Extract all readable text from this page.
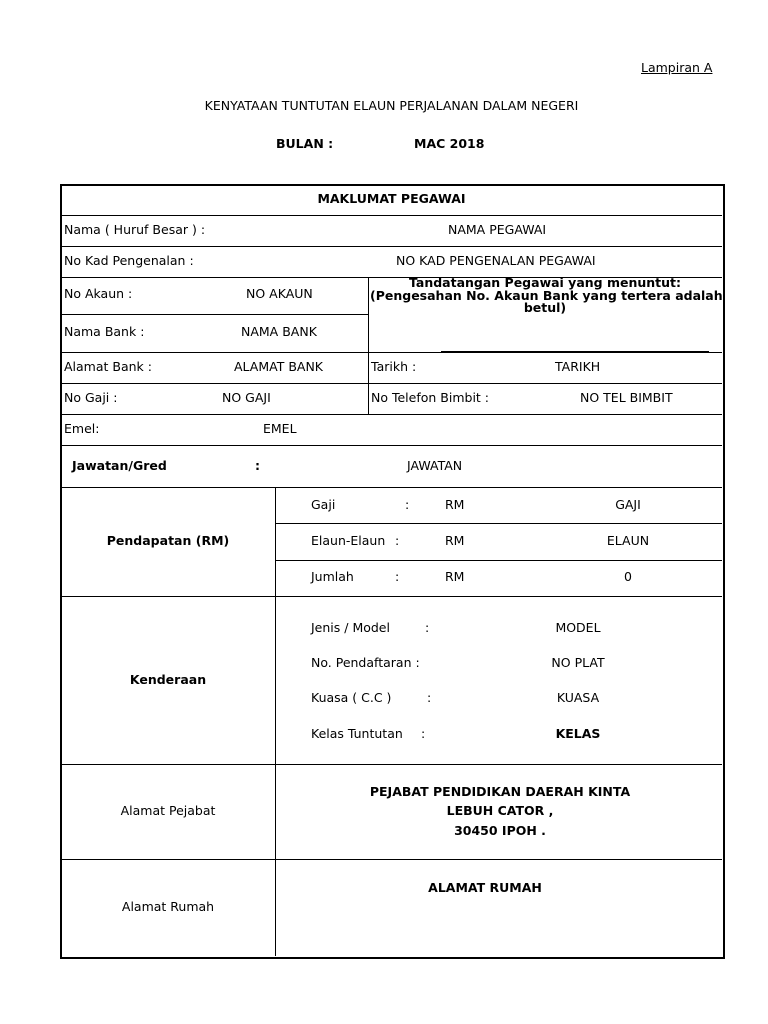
Lampiran A
KENYATAAN TUNTUTAN ELAUN PERJALANAN DALAM NEGERI
BULAN :	MAC 2018
MAKLUMAT PEGAWAI
Nama ( Huruf Besar ) :	NAMA PEGAWAI
No Kad Pengenalan :	NO KAD PENGENALAN PEGAWAI
No Akaun :	NO AKAUN
Nama Bank :	NAMA BANK
Alamat Bank :	ALAMAT BANK
Tandatangan Pegawai yang menuntut:
(Pengesahan No. Akaun Bank yang tertera adalah
betul)
Tarikh :	TARIKH
No Gaji :	NO GAJI	No Telefon Bimbit :	NO TEL BIMBIT
Emel:	EMEL
Jawatan/Gred	:	JAWATAN
Pendapatan (RM)
Gaji	:	RM	GAJI
Elaun-Elaun :	RM	ELAUN
Jumlah	:	RM	0
Kenderaan
Jenis / Model	:	MODEL
No. Pendaftaran :	NO PLAT
Kuasa ( C.C )	:	KUASA
Kelas Tuntutan :	KELAS
Alamat Pejabat
PEJABAT PENDIDIKAN DAERAH KINTA
LEBUH CATOR ,
30450 IPOH .
Alamat Rumah
ALAMAT RUMAH
